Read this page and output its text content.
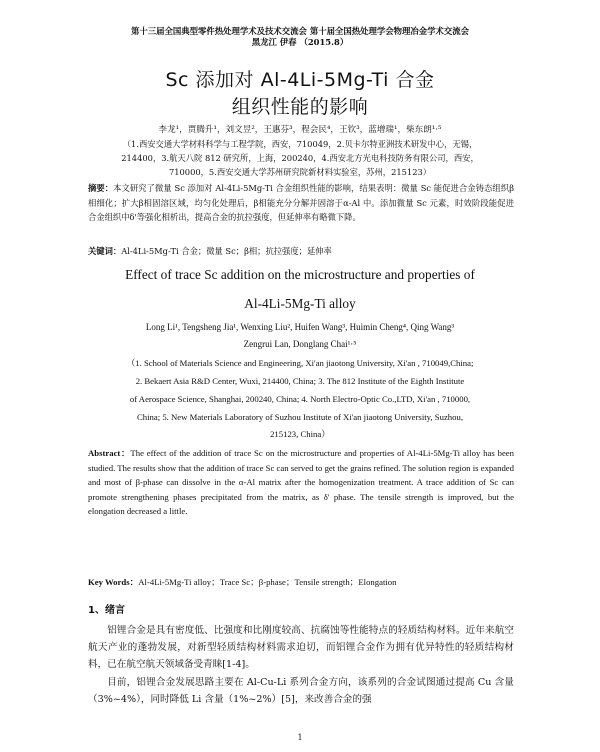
第十三届全国典型零件热处理学术及技术交流会 第十届全国热处理学会物理冶金学术交流会
黑龙江 伊春 （2015.8）
Sc 添加对 Al-4Li-5Mg-Ti 合金
组织性能的影响
李龙¹，贾腾升¹，刘文昱²，王惠芬³，程会民⁴，王钦³，蓝增瑞¹，柴东朗¹·⁵
（1.西安交通大学材料科学与工程学院，西安，710049，2.贝卡尔特亚洲技术研发中心，无锡，
214400，3.航天八院 812 研究所，上海，200240，4.西安北方光电科技防务有限公司，西安，
710000，5.西安交通大学苏州研究院新材料实验室，苏州，215123）
摘要：本文研究了微量 Sc 添加对 Al-4Li-5Mg-Ti 合金组织性能的影响，结果表明：微量 Sc 能促进合金铸态组织β相细化；扩大β相固溶区域，均匀化处理后，β相能充分分解并固溶于α-Al 中。添加微量 Sc 元素，时效阶段能促进合金组织中δ'等强化相析出，提高合金的抗拉强度，但延伸率有略微下降。
关键词：Al-4Li-5Mg-Ti 合金；微量 Sc；β相；抗拉强度；延伸率
Effect of trace Sc addition on the microstructure and properties of
Al-4Li-5Mg-Ti alloy
Long Li¹, Tengsheng Jia¹, Wenxing Liu², Huifen Wang³, Huimin Cheng⁴, Qing Wang³
Zengrui Lan, Donglang Chai¹·⁵
（1. School of Materials Science and Engineering, Xi'an jiaotong University, Xi'an , 710049,China;
2. Bekaert Asia R&D Center, Wuxi, 214400, China; 3. The 812 Institute of the Eighth Institute
of Aerospace Science, Shanghai, 200240, China; 4. North Electro-Optic Co.,LTD, Xi'an , 710000,
China; 5. New Materials Laboratory of Suzhou Institute of Xi'an jiaotong University, Suzhou,
215123, China）
Abstract：The effect of the addition of trace Sc on the microstructure and properties of Al-4Li-5Mg-Ti alloy has been studied. The results show that the addition of trace Sc can served to get the grains refined. The solution region is expanded and most of β-phase can dissolve in the α-Al matrix after the homogenization treatment. A trace addition of Sc can promote strengthening phases precipitated from the matrix, as δ' phase. The tensile strength is improved, but the elongation decreased a little.
Key Words：Al-4Li-5Mg-Ti alloy；Trace Sc；β-phase；Tensile strength；Elongation
1、绪言
铝锂合金是具有密度低、比强度和比刚度较高、抗腐蚀等性能特点的轻质结构材料。近年来航空航天产业的蓬勃发展，对新型轻质结构材料需求迫切，而铝锂合金作为拥有优异特性的轻质结构材料，已在航空航天领域备受青睐[1-4]。
目前，铝锂合金发展思路主要在 Al-Cu-Li 系列合金方向，该系列的合金试图通过提高 Cu 含量（3%~4%），同时降低 Li 含量（1%~2%）[5]，来改善合金的强
1
